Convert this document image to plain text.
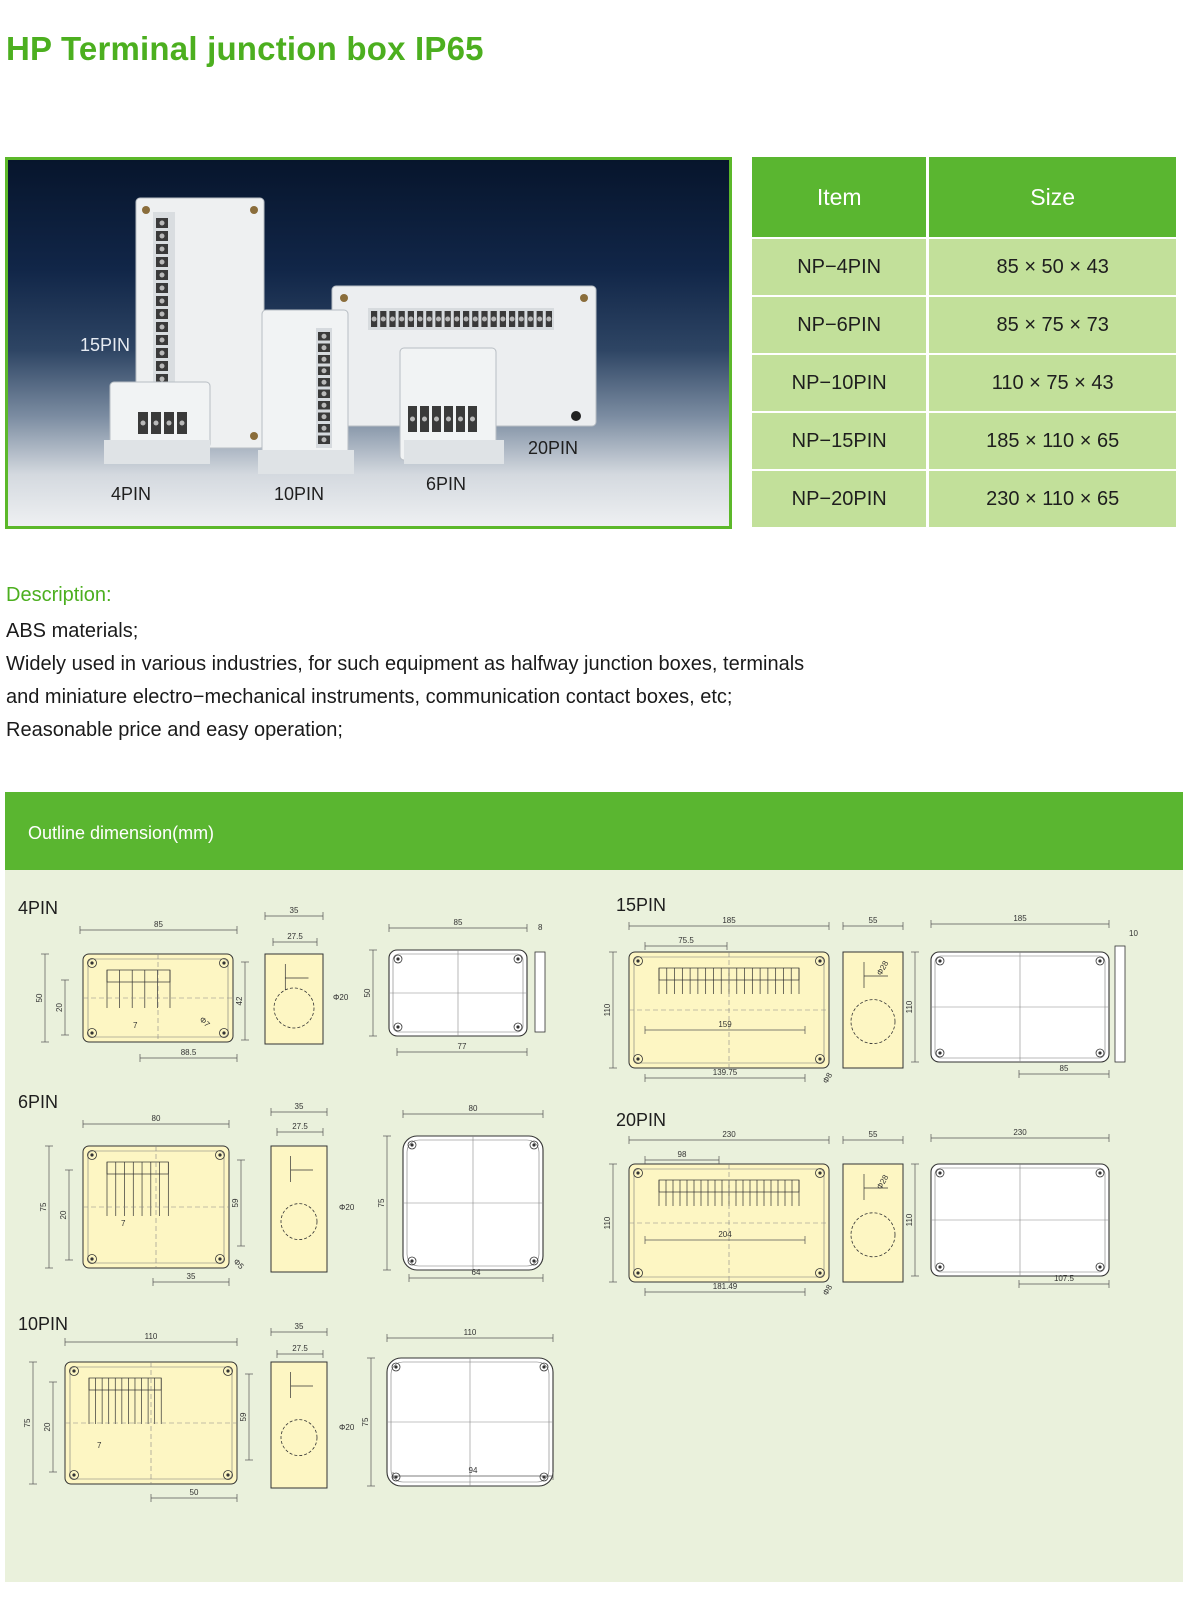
HP Terminal junction box IP65
15PIN
4PIN	10PIN	6PIN
20PIN
Item	Size
NP−4PIN	85 × 50 × 43
NP−6PIN	85 × 75 × 73
NP−10PIN	110 × 75 × 43
NP−15PIN	185 × 110 × 65
NP−20PIN	230 × 110 × 65
Description:
ABS materials;
Widely used in various industries, for such equipment as halfway junction boxes, terminals
and miniature electro−mechanical instruments, communication contact boxes, etc;
Reasonable price and easy operation;
Outline dimension(mm)
85
50
20
42
7	Φ7
88.5
35
27.5
Φ20
85
8
50
77
80
75
20
59
7
Φ5
35
35
27.5
Φ20
80
75
64
110
75 20
59
7
50
35
27.5
Φ20
110
75
94
185
75.5
110
159
Φ8
139.75
55
Φ28
185
10
110
85
230
98
110
204
Φ8
181.49
55
Φ28
230
110
107.5
4PIN
6PIN
10PIN
15PIN
20PIN
